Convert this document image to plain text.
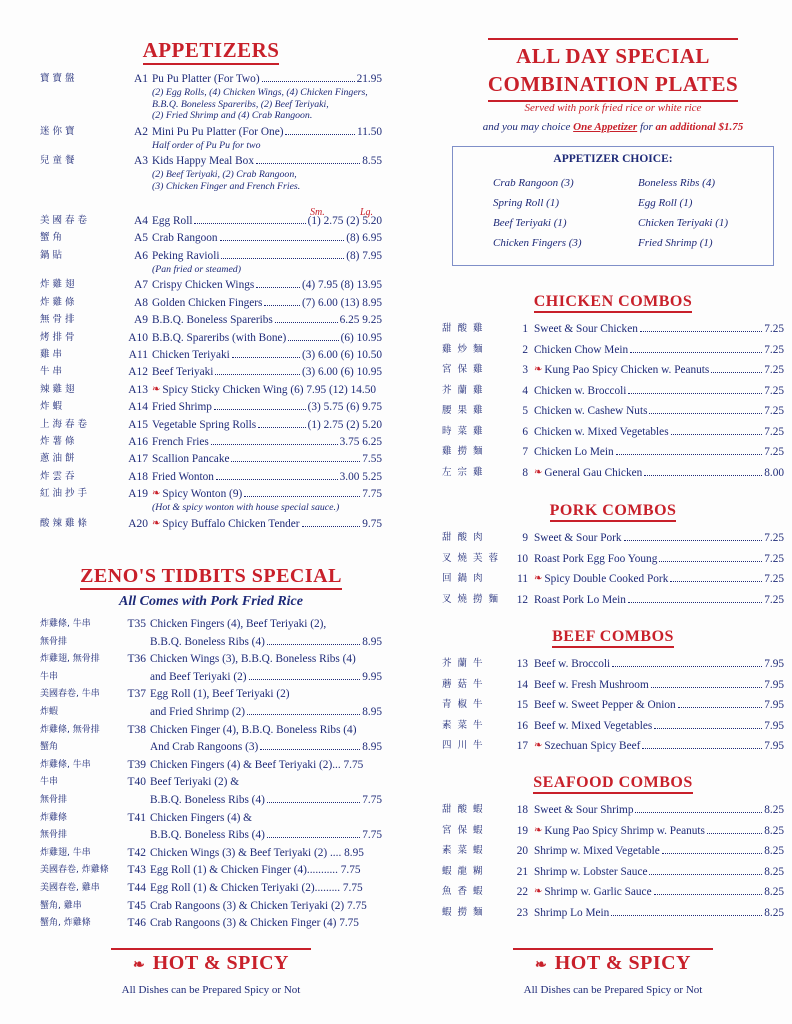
APPETIZERS
Sm.	Lg.
寶寶盤	A1 Pu Pu Platter (For Two)	21.95
(2) Egg Rolls, (4) Chicken Wings, (4) Chicken Fingers,
B.B.Q. Boneless Spareribs, (2) Beef Teriyaki,
(2) Fried Shrimp and (4) Crab Rangoon.
迷你寶	A2 Mini Pu Pu Platter (For One)	11.50
Half order of Pu Pu for two
兒童餐	A3 Kids Happy Meal Box	8.55
(2) Beef Teriyaki, (2) Crab Rangoon,
(3) Chicken Finger and French Fries.
美國春卷	A4 Egg Roll	(1) 2.75 (2) 5.20
蟹角	A5 Crab Rangoon	(8) 6.95
鍋貼	A6 Peking Ravioli	(8) 7.95
(Pan fried or steamed)
炸雞翅	A7 Crispy Chicken Wings	(4) 7.95 (8) 13.95
炸雞條	A8 Golden Chicken Fingers	(7) 6.00 (13) 8.95
無骨排	A9 B.B.Q. Boneless Spareribs	6.25 9.25
烤排骨	A10 B.B.Q. Spareribs (with Bone)	(6) 10.95
雞串	A11 Chicken Teriyaki	(3) 6.00 (6) 10.50
牛串	A12 Beef Teriyaki	(3) 6.00 (6) 10.95
辣雞翅	A13 ❧ Spicy Sticky Chicken Wing (6) 7.95 (12) 14.50
炸蝦	A14 Fried Shrimp	(3) 5.75 (6) 9.75
上海春卷	A15 Vegetable Spring Rolls	(1) 2.75 (2) 5.20
炸薯條	A16 French Fries	3.75 6.25
蔥油餅	A17 Scallion Pancake	7.55
炸雲吞	A18 Fried Wonton	3.00 5.25
紅油抄手	A19 ❧ Spicy Wonton (9)	7.75
(Hot & spicy wonton with house special sauce.)
酸辣雞條	A20 ❧ Spicy Buffalo Chicken Tender	9.75
ZENO'S TIDBITS SPECIAL
All Comes with Pork Fried Rice
炸雞條, 牛串	T35 Chicken Fingers (4), Beef Teriyaki (2),
無骨排	B.B.Q. Boneless Ribs (4)	8.95
炸雞翅, 無骨排	T36 Chicken Wings (3), B.B.Q. Boneless Ribs (4)
牛串	and Beef Teriyaki (2)	9.95
美國春卷, 牛串	T37 Egg Roll (1), Beef Teriyaki (2)
炸蝦	and Fried Shrimp (2)	8.95
炸雞條, 無骨排	T38 Chicken Finger (4), B.B.Q. Boneless Ribs (4)
蟹角	And Crab Rangoons (3)	8.95
炸雞條, 牛串	T39 Chicken Fingers (4) & Beef Teriyaki (2)... 7.75
牛串	T40 Beef Teriyaki (2) &
無骨排	B.B.Q. Boneless Ribs (4)	7.75
炸雞條	T41 Chicken Fingers (4) &
無骨排	B.B.Q. Boneless Ribs (4)	7.75
炸雞翅, 牛串	T42 Chicken Wings (3) & Beef Teriyaki (2) .... 8.95
美國春卷, 炸雞條	T43 Egg Roll (1) & Chicken Finger (4)........... 7.75
美國春卷, 雞串	T44 Egg Roll (1) & Chicken Teriyaki (2)......... 7.75
蟹角, 雞串	T45 Crab Rangoons (3) & Chicken Teriyaki (2) 7.75
蟹角, 炸雞條	T46 Crab Rangoons (3) & Chicken Finger (4) 7.75
❧ HOT & SPICY
All Dishes can be Prepared Spicy or Not
ALL DAY SPECIAL
COMBINATION PLATES
Served with pork fried rice or white rice
and you may choice One Appetizer for an additional $1.75
APPETIZER CHOICE:
Crab Rangoon (3)
Spring Roll (1)
Beef Teriyaki (1)
Chicken Fingers (3)
Boneless Ribs (4)
Egg Roll (1)
Chicken Teriyaki (1)
Fried Shrimp (1)
CHICKEN COMBOS
甜酸雞	1 Sweet & Sour Chicken	7.25
雞炒麵	2 Chicken Chow Mein	7.25
宮保雞	3 ❧ Kung Pao Spicy Chicken w. Peanuts	7.25
芥蘭雞	4 Chicken w. Broccoli	7.25
腰果雞	5 Chicken w. Cashew Nuts	7.25
時菜雞	6 Chicken w. Mixed Vegetables	7.25
雞撈麵	7 Chicken Lo Mein	7.25
左宗雞	8 ❧ General Gau Chicken	8.00
PORK COMBOS
甜酸肉	9 Sweet & Sour Pork	7.25
叉燒芙蓉	10 Roast Pork Egg Foo Young	7.25
回鍋肉	11 ❧ Spicy Double Cooked Pork	7.25
叉燒撈麵	12 Roast Pork Lo Mein	7.25
BEEF COMBOS
芥蘭牛	13 Beef w. Broccoli	7.95
蘑菇牛	14 Beef w. Fresh Mushroom	7.95
青椒牛	15 Beef w. Sweet Pepper & Onion	7.95
素菜牛	16 Beef w. Mixed Vegetables	7.95
四川牛	17 ❧ Szechuan Spicy Beef	7.95
SEAFOOD COMBOS
甜酸蝦	18 Sweet & Sour Shrimp	8.25
宮保蝦	19 ❧ Kung Pao Spicy Shrimp w. Peanuts	8.25
素菜蝦	20 Shrimp w. Mixed Vegetable	8.25
蝦龍糊	21 Shrimp w. Lobster Sauce	8.25
魚香蝦	22 ❧ Shrimp w. Garlic Sauce	8.25
蝦撈麵	23 Shrimp Lo Mein	8.25
❧ HOT & SPICY
All Dishes can be Prepared Spicy or Not
